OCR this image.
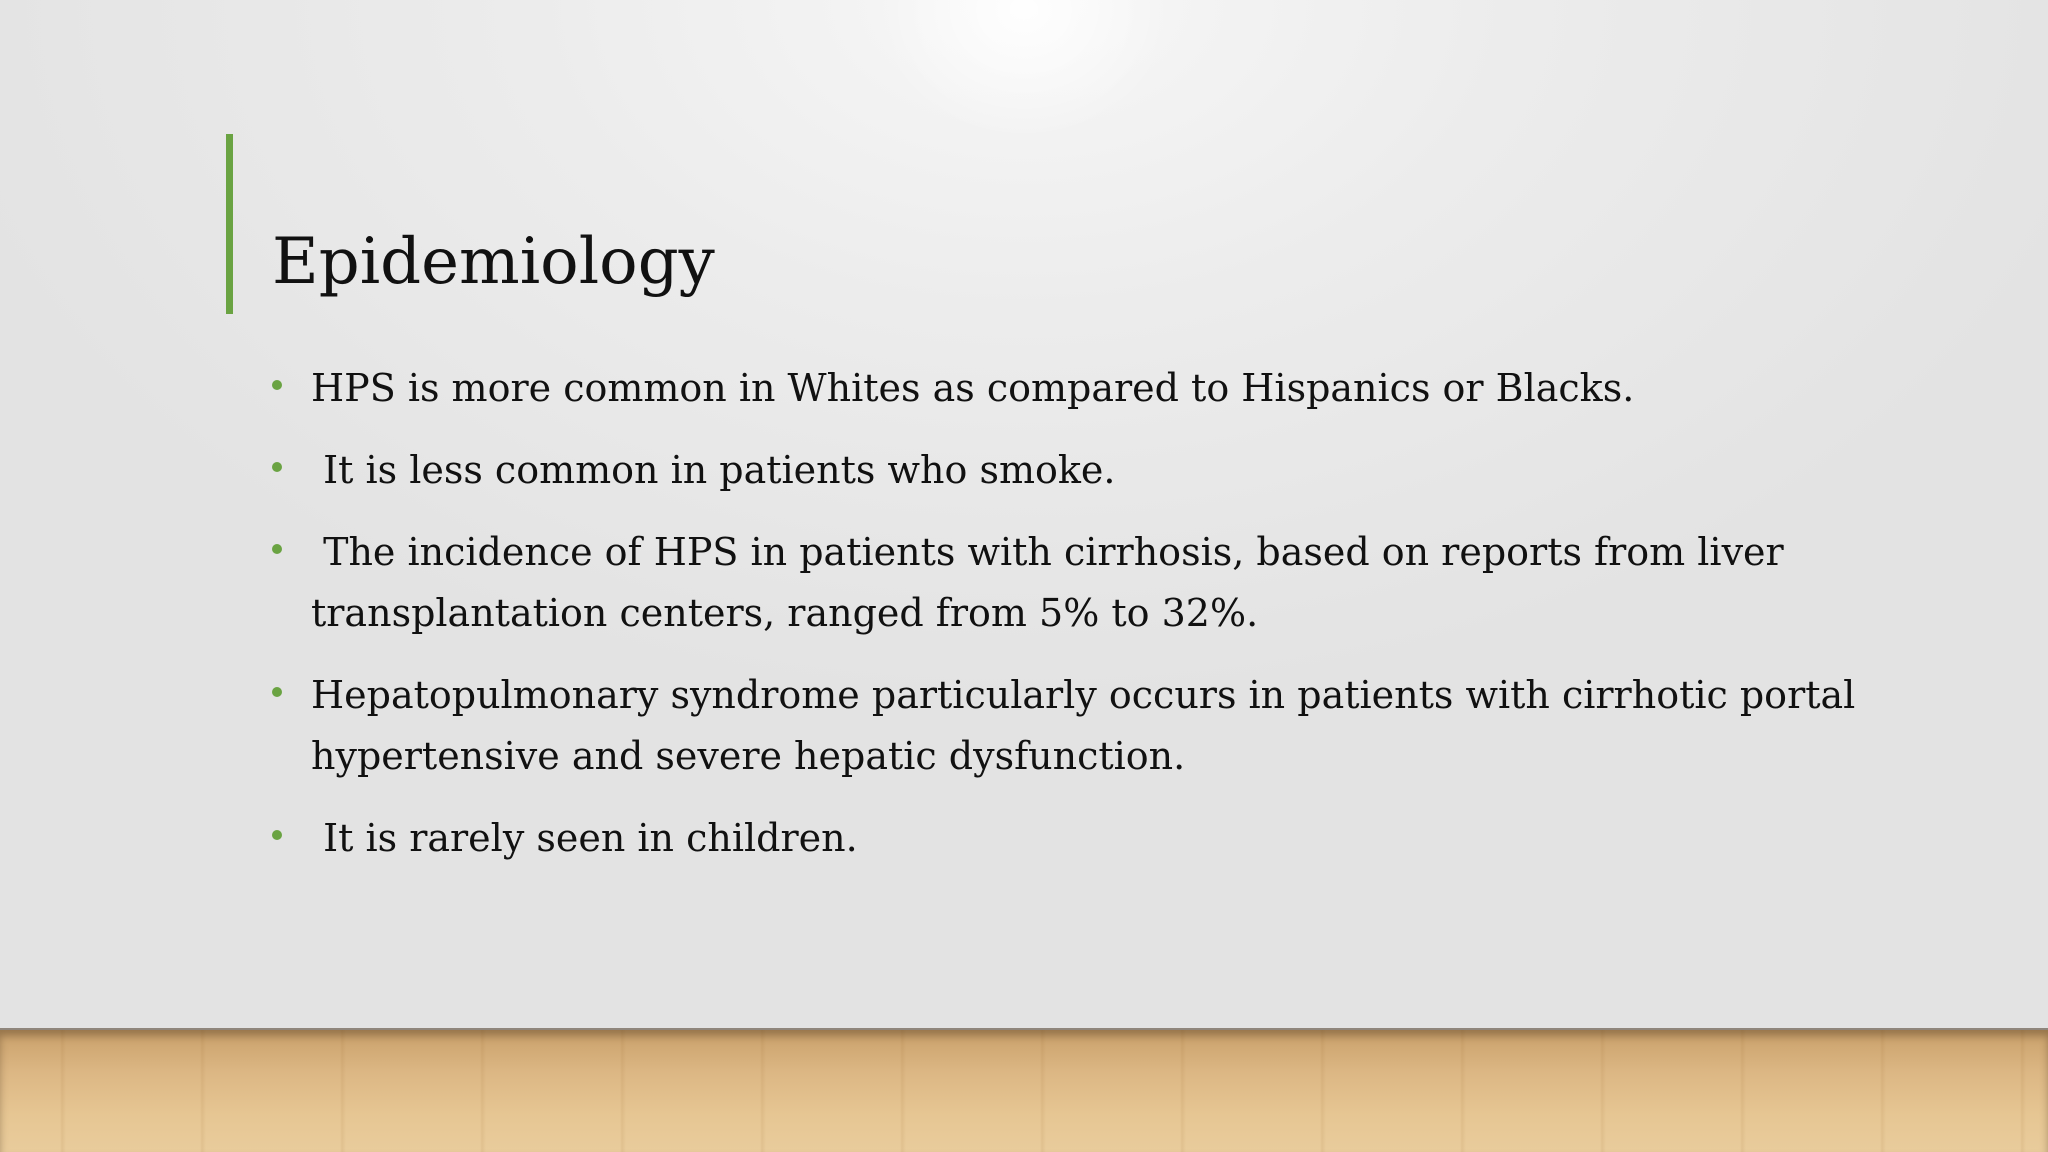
Epidemiology
HPS is more common in Whites as compared to Hispanics or Blacks.
It is less common in patients who smoke.
The incidence of HPS in patients with cirrhosis, based on reports from liver transplantation centers, ranged from 5% to 32%.
Hepatopulmonary syndrome particularly occurs in patients with cirrhotic portal hypertensive and severe hepatic dysfunction.
It is rarely seen in children.
